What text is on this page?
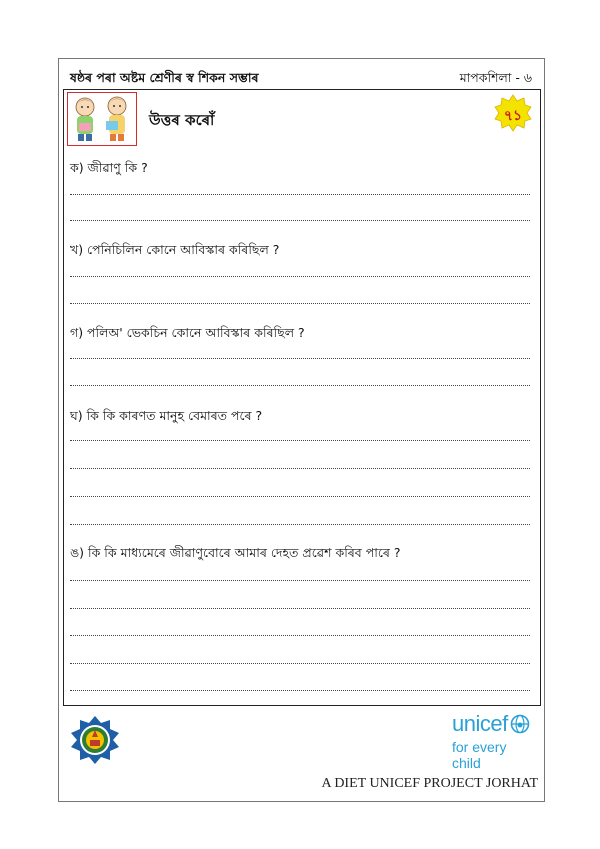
ষষ্ঠৰ পৰা অষ্টম শ্ৰেণীৰ স্ব শিকন সম্ভাৰ	মাপকশিলা - ৬
উত্তৰ কৰোঁ	৭১
ক) জীৱাণু কি ?
খ) পেনিচিলিন কোনে আবিস্কাৰ কৰিছিল ?
গ) পলিঅ' ভেকচিন কোনে আবিস্কাৰ কৰিছিল ?
ঘ) কি কি কাৰণত মানুহ বেমাৰত পৰে ?
ঙ) কি কি মাধ্যমেৰে জীৱাণুবোৰে আমাৰ দেহত প্ৰৱেশ কৰিব পাৰে ?
unicef
for every child
A DIET UNICEF PROJECT JORHAT
